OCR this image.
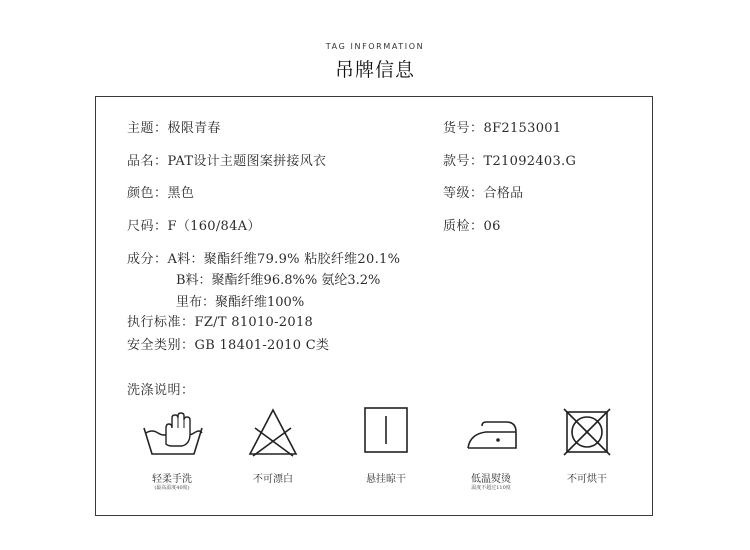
TAG INFORMATION
吊牌信息
主题：极限青春	货号：8F2153001
品名：PAT设计主题图案拼接风衣	款号：T21092403.G
颜色：黑色	等级：合格品
尺码：F（160/84A）	质检：06
成分：A料：聚酯纤维79.9% 粘胶纤维20.1%
B料：聚酯纤维96.8%% 氨纶3.2%
里布：聚酯纤维100%
执行标准：FZ/T 81010-2018
安全类别：GB 18401-2010 C类
洗涤说明：
轻柔手洗
(最高温度40度)
不可漂白	悬挂晾干	低温熨烫
温度不超过110度
不可烘干
